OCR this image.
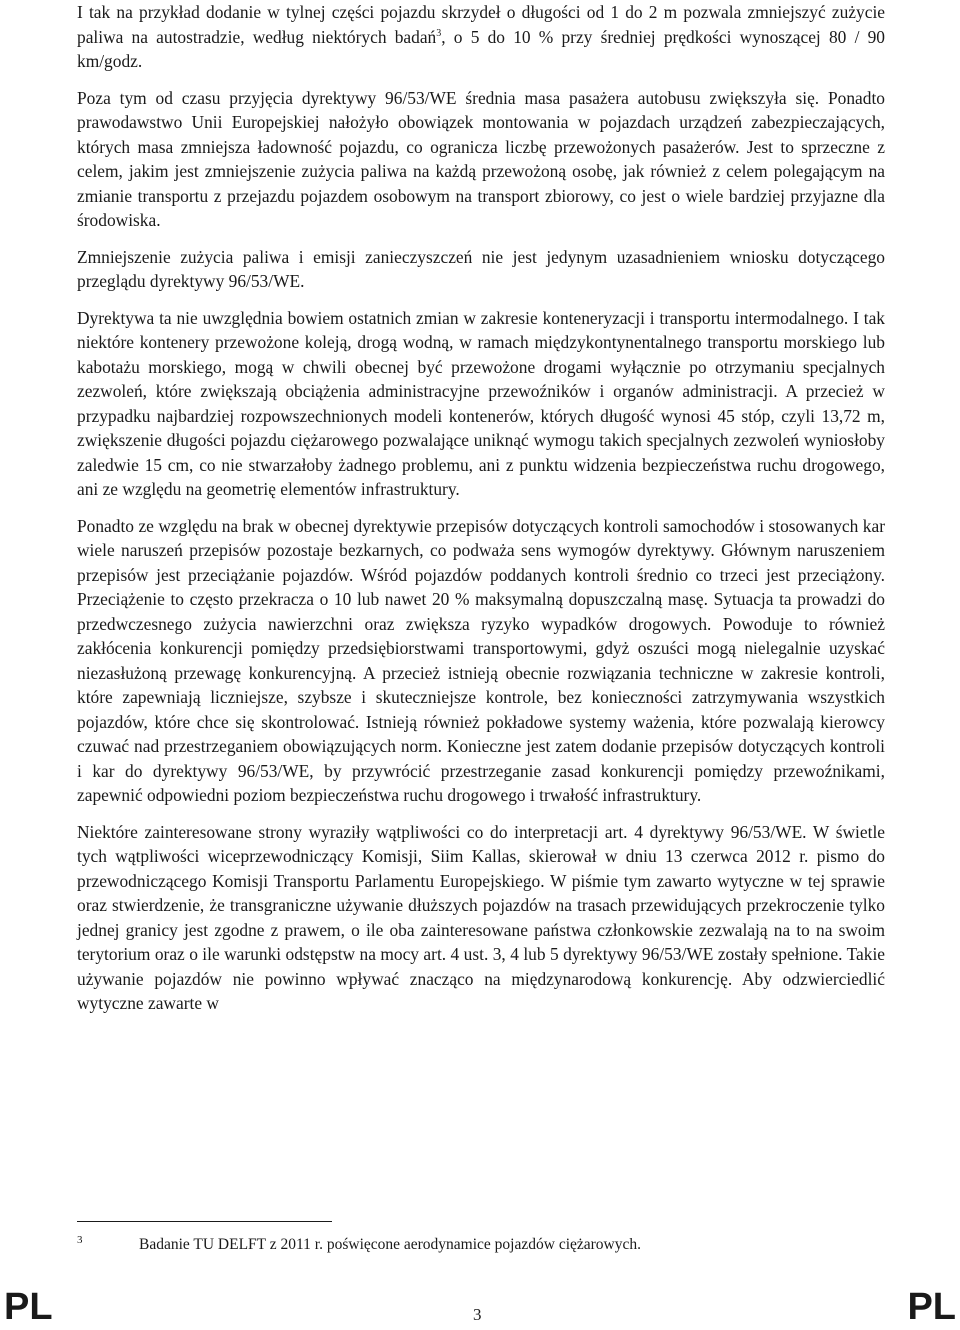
I tak na przykład dodanie w tylnej części pojazdu skrzydeł o długości od 1 do 2 m pozwala zmniejszyć zużycie paliwa na autostradzie, według niektórych badań$^3$, o 5 do 10 % przy średniej prędkości wynoszącej 80 / 90 km/godz.

Poza tym od czasu przyjęcia dyrektywy 96/53/WE średnia masa pasażera autobusu zwiększyła się. Ponadto prawodawstwo Unii Europejskiej nałożyło obowiązek montowania w pojazdach urządzeń zabezpieczających, których masa zmniejsza ładowność pojazdu, co ogranicza liczbę przewożonych pasażerów. Jest to sprzeczne z celem, jakim jest zmniejszenie zużycia paliwa na każdą przewożoną osobę, jak również z celem polegającym na zmianie transportu z przejazdu pojazdem osobowym na transport zbiorowy, co jest o wiele bardziej przyjazne dla środowiska.

Zmniejszenie zużycia paliwa i emisji zanieczyszczeń nie jest jedynym uzasadnieniem wniosku dotyczącego przeglądu dyrektywy 96/53/WE.

Dyrektywa ta nie uwzględnia bowiem ostatnich zmian w zakresie konteneryzacji i transportu intermodalnego. I tak niektóre kontenery przewożone koleją, drogą wodną, w ramach międzykontynentalnego transportu morskiego lub kabotażu morskiego, mogą w chwili obecnej być przewożone drogami wyłącznie po otrzymaniu specjalnych zezwoleń, które zwiększają obciążenia administracyjne przewoźników i organów administracji. A przecież w przypadku najbardziej rozpowszechnionych modeli kontenerów, których długość wynosi 45 stóp, czyli 13,72 m, zwiększenie długości pojazdu ciężarowego pozwalające uniknąć wymogu takich specjalnych zezwoleń wyniosłoby zaledwie 15 cm, co nie stwarzałoby żadnego problemu, ani z punktu widzenia bezpieczeństwa ruchu drogowego, ani ze względu na geometrię elementów infrastruktury.

Ponadto ze względu na brak w obecnej dyrektywie przepisów dotyczących kontroli samochodów i stosowanych kar wiele naruszeń przepisów pozostaje bezkarnych, co podważa sens wymogów dyrektywy. Głównym naruszeniem przepisów jest przeciążanie pojazdów. Wśród pojazdów poddanych kontroli średnio co trzeci jest przeciążony. Przeciążenie to często przekracza o 10 lub nawet 20 % maksymalną dopuszczalną masę. Sytuacja ta prowadzi do przedwczesnego zużycia nawierzchni oraz zwiększa ryzyko wypadków drogowych. Powoduje to również zakłócenia konkurencji pomiędzy przedsiębiorstwami transportowymi, gdyż oszuści mogą nielegalnie uzyskać niezasłużoną przewagę konkurencyjną. A przecież istnieją obecnie rozwiązania techniczne w zakresie kontroli, które zapewniają liczniejsze, szybsze i skuteczniejsze kontrole, bez konieczności zatrzymywania wszystkich pojazdów, które chce się skontrolować. Istnieją również pokładowe systemy ważenia, które pozwalają kierowcy czuwać nad przestrzeganiem obowiązujących norm. Konieczne jest zatem dodanie przepisów dotyczących kontroli i kar do dyrektywy 96/53/WE, by przywrócić przestrzeganie zasad konkurencji pomiędzy przewoźnikami, zapewnić odpowiedni poziom bezpieczeństwa ruchu drogowego i trwałość infrastruktury.

Niektóre zainteresowane strony wyraziły wątpliwości co do interpretacji art. 4 dyrektywy 96/53/WE. W świetle tych wątpliwości wiceprzewodniczący Komisji, Siim Kallas, skierował w dniu 13 czerwca 2012 r. pismo do przewodniczącego Komisji Transportu Parlamentu Europejskiego. W piśmie tym zawarto wytyczne w tej sprawie oraz stwierdzenie, że transgraniczne używanie dłuższych pojazdów na trasach przewidujących przekroczenie tylko jednej granicy jest zgodne z prawem, o ile oba zainteresowane państwa członkowskie zezwalają na to na swoim terytorium oraz o ile warunki odstępstw na mocy art. 4 ust. 3, 4 lub 5 dyrektywy 96/53/WE zostały spełnione. Takie używanie pojazdów nie powinno wpływać znacząco na międzynarodową konkurencję. Aby odzwierciedlić wytyczne zawarte w

3	Badanie TU DELFT z 2011 r. poświęcone aerodynamice pojazdów ciężarowych.
PL	3	PL
